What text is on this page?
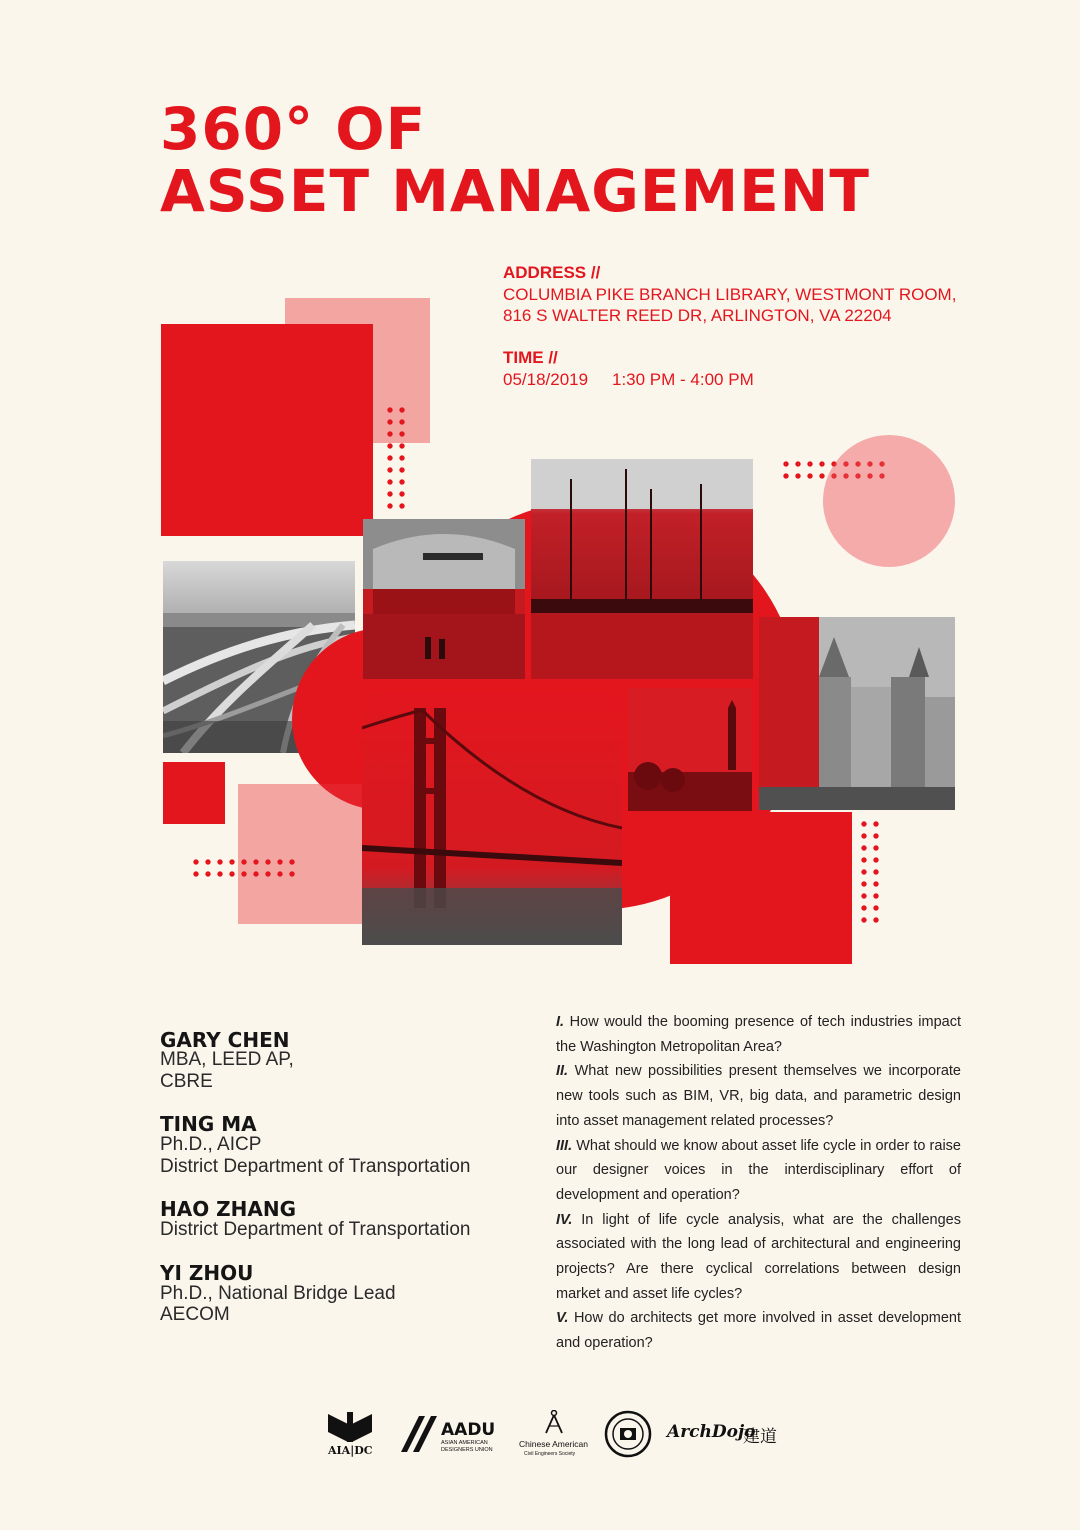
360° OF
ASSET MANAGEMENT
ADDRESS //
COLUMBIA PIKE BRANCH LIBRARY, WESTMONT ROOM,
816 S WALTER REED DR, ARLINGTON, VA 22204
TIME //
05/18/2019 1:30 PM - 4:00 PM
GARY CHEN
MBA, LEED AP,
CBRE
TING MA
Ph.D., AICP
District Department of Transportation
HAO ZHANG
District Department of Transportation
YI ZHOU
Ph.D., National Bridge Lead
AECOM

I. How would the booming presence of tech industries impact the Washington Metropolitan Area?

II. What new possibilities present themselves we incorporate new tools such as BIM, VR, big data, and parametric design into asset management related processes?

III. What should we know about asset life cycle in order to raise our designer voices in the interdisciplinary effort of development and operation?

IV. In light of life cycle analysis, what are the challenges associated with the long lead of architectural and engineering projects? Are there cyclical correlations between design market and asset life cycles?

V. How do architects get more involved in asset development and operation?

AIA|DC
AADU
ASIAN AMERICAN
DESIGNERS UNION
Chinese American
Civil Engineers Society
ArchDojo
建道
